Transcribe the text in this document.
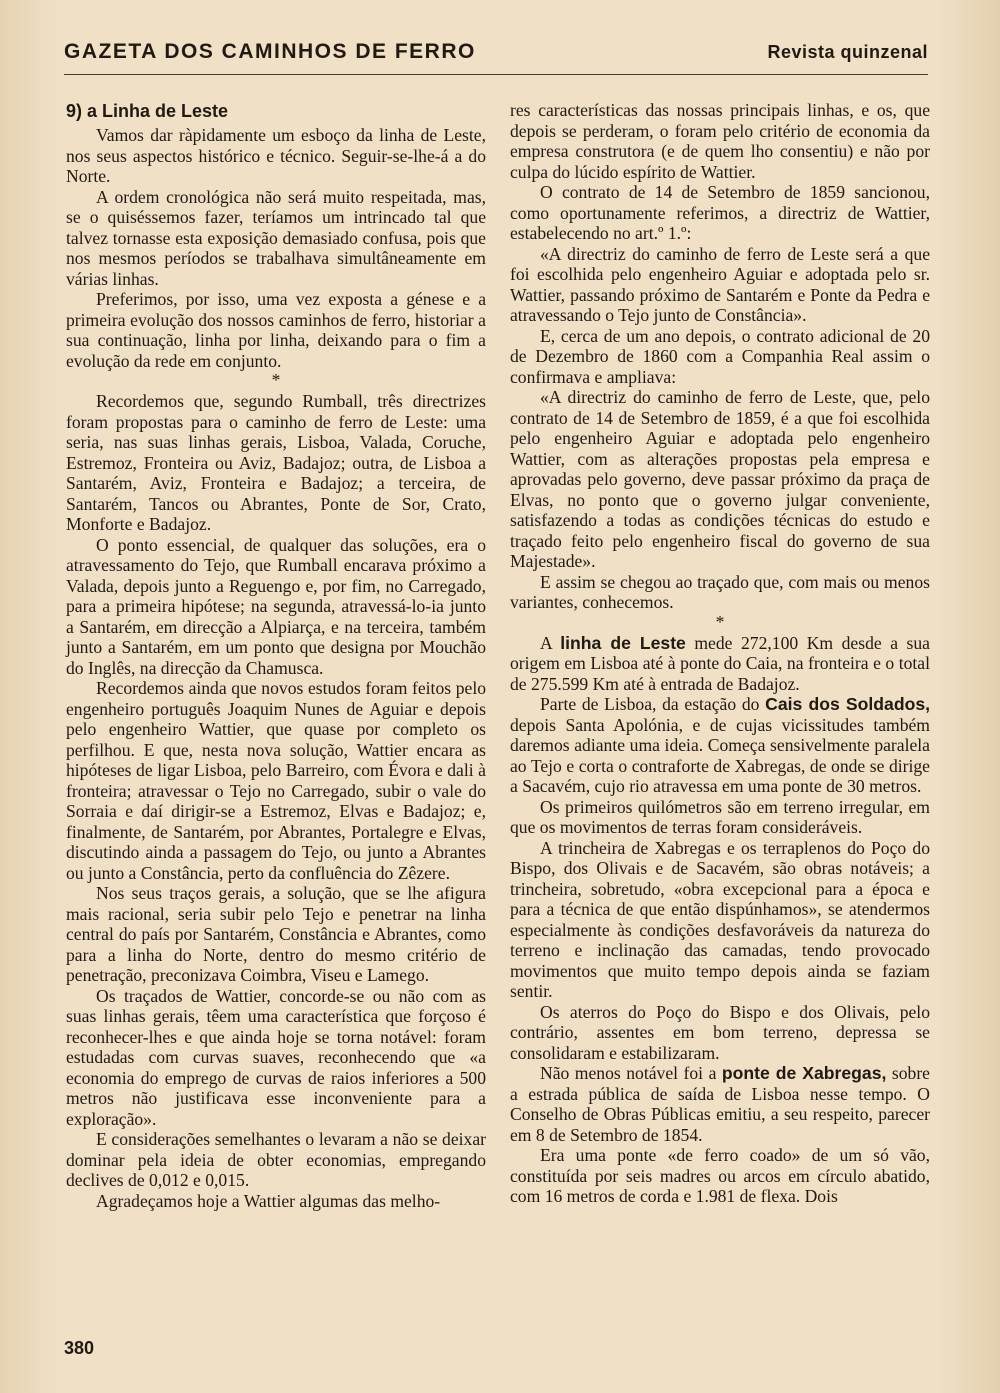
GAZETA DOS CAMINHOS DE FERRO	Revista quinzenal
9) a Linha de Leste

Vamos dar ràpidamente um esboço da linha de Leste, nos seus aspectos histórico e técnico. Seguir-se-lhe-á a do Norte.

A ordem cronológica não será muito respeitada, mas, se o quiséssemos fazer, teríamos um intrincado tal que talvez tornasse esta exposição demasiado confusa, pois que nos mesmos períodos se trabalhava simultâneamente em várias linhas.

Preferimos, por isso, uma vez exposta a génese e a primeira evolução dos nossos caminhos de ferro, historiar a sua continuação, linha por linha, deixando para o fim a evolução da rede em conjunto.

*

Recordemos que, segundo Rumball, três directrizes foram propostas para o caminho de ferro de Leste: uma seria, nas suas linhas gerais, Lisboa, Valada, Coruche, Estremoz, Fronteira ou Aviz, Badajoz; outra, de Lisboa a Santarém, Aviz, Fronteira e Badajoz; a terceira, de Santarém, Tancos ou Abrantes, Ponte de Sor, Crato, Monforte e Badajoz.

O ponto essencial, de qualquer das soluções, era o atravessamento do Tejo, que Rumball encarava próximo a Valada, depois junto a Reguengo e, por fim, no Carregado, para a primeira hipótese; na segunda, atravessá-lo-ia junto a Santarém, em direcção a Alpiarça, e na terceira, também junto a Santarém, em um ponto que designa por Mouchão do Inglês, na direcção da Chamusca.

Recordemos ainda que novos estudos foram feitos pelo engenheiro português Joaquim Nunes de Aguiar e depois pelo engenheiro Wattier, que quase por completo os perfilhou. E que, nesta nova solução, Wattier encara as hipóteses de ligar Lisboa, pelo Barreiro, com Évora e dali à fronteira; atravessar o Tejo no Carregado, subir o vale do Sorraia e daí dirigir-se a Estremoz, Elvas e Badajoz; e, finalmente, de Santarém, por Abrantes, Portalegre e Elvas, discutindo ainda a passagem do Tejo, ou junto a Abrantes ou junto a Constância, perto da confluência do Zêzere.

Nos seus traços gerais, a solução, que se lhe afigura mais racional, seria subir pelo Tejo e penetrar na linha central do país por Santarém, Constância e Abrantes, como para a linha do Norte, dentro do mesmo critério de penetração, preconizava Coimbra, Viseu e Lamego.

Os traçados de Wattier, concorde-se ou não com as suas linhas gerais, têem uma característica que forçoso é reconhecer-lhes e que ainda hoje se torna notável: foram estudadas com curvas suaves, reconhecendo que «a economia do emprego de curvas de raios inferiores a 500 metros não justificava esse inconveniente para a exploração».

E considerações semelhantes o levaram a não se deixar dominar pela ideia de obter economias, empregando declives de 0,012 e 0,015.

Agradeçamos hoje a Wattier algumas das melho-

res características das nossas principais linhas, e os, que depois se perderam, o foram pelo critério de economia da empresa construtora (e de quem lho consentiu) e não por culpa do lúcido espírito de Wattier.

O contrato de 14 de Setembro de 1859 sancionou, como oportunamente referimos, a directriz de Wattier, estabelecendo no art.º 1.º:

«A directriz do caminho de ferro de Leste será a que foi escolhida pelo engenheiro Aguiar e adoptada pelo sr. Wattier, passando próximo de Santarém e Ponte da Pedra e atravessando o Tejo junto de Constância».

E, cerca de um ano depois, o contrato adicional de 20 de Dezembro de 1860 com a Companhia Real assim o confirmava e ampliava:

«A directriz do caminho de ferro de Leste, que, pelo contrato de 14 de Setembro de 1859, é a que foi escolhida pelo engenheiro Aguiar e adoptada pelo engenheiro Wattier, com as alterações propostas pela empresa e aprovadas pelo governo, deve passar próximo da praça de Elvas, no ponto que o governo julgar conveniente, satisfazendo a todas as condições técnicas do estudo e traçado feito pelo engenheiro fiscal do governo de sua Majestade».

E assim se chegou ao traçado que, com mais ou menos variantes, conhecemos.

*

A linha de Leste mede 272,100 Km desde a sua origem em Lisboa até à ponte do Caia, na fronteira e o total de 275.599 Km até à entrada de Badajoz.

Parte de Lisboa, da estação do Cais dos Soldados, depois Santa Apolónia, e de cujas vicissitudes também daremos adiante uma ideia. Começa sensivelmente paralela ao Tejo e corta o contraforte de Xabregas, de onde se dirige a Sacavém, cujo rio atravessa em uma ponte de 30 metros.

Os primeiros quilómetros são em terreno irregular, em que os movimentos de terras foram consideráveis.

A trincheira de Xabregas e os terraplenos do Poço do Bispo, dos Olivais e de Sacavém, são obras notáveis; a trincheira, sobretudo, «obra excepcional para a época e para a técnica de que então dispúnhamos», se atendermos especialmente às condições desfavoráveis da natureza do terreno e inclinação das camadas, tendo provocado movimentos que muito tempo depois ainda se faziam sentir.

Os aterros do Poço do Bispo e dos Olivais, pelo contrário, assentes em bom terreno, depressa se consolidaram e estabilizaram.

Não menos notável foi a ponte de Xabregas, sobre a estrada pública de saída de Lisboa nesse tempo. O Conselho de Obras Públicas emitiu, a seu respeito, parecer em 8 de Setembro de 1854.

Era uma ponte «de ferro coado» de um só vão, constituída por seis madres ou arcos em círculo abatido, com 16 metros de corda e 1.981 de flexa. Dois

380
